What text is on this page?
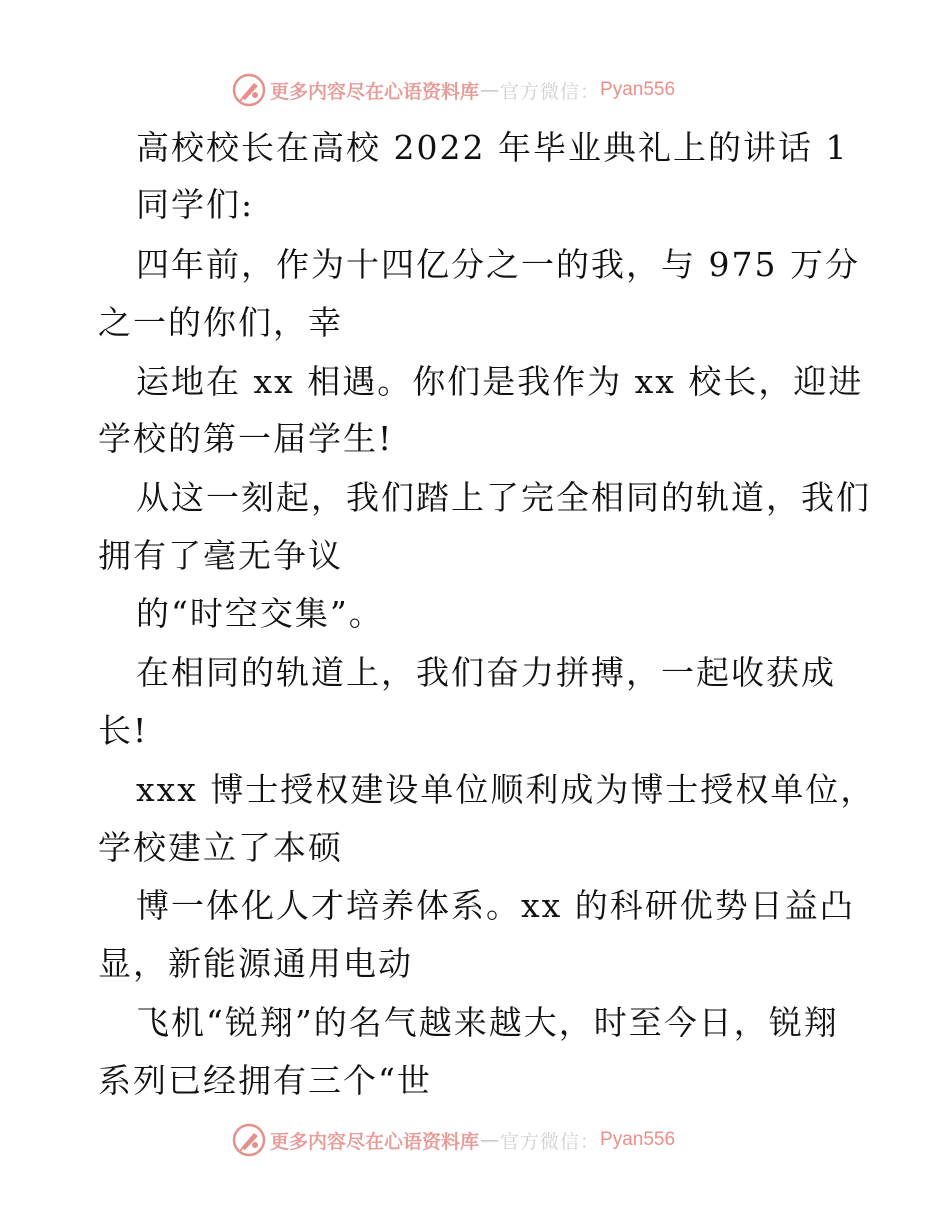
更多内容尽在心语资料库 — 官方微信： Pyan556
高校校长在高校 2022 年毕业典礼上的讲话 1
同学们:
四年前，作为十四亿分之一的我，与 975 万分
之一的你们，幸
运地在 xx 相遇。你们是我作为 xx 校长，迎进
学校的第一届学生!
从这一刻起，我们踏上了完全相同的轨道，我们
拥有了毫无争议
的“时空交集”。
在相同的轨道上，我们奋力拼搏，一起收获成
长!
xxx 博士授权建设单位顺利成为博士授权单位，
学校建立了本硕
博一体化人才培养体系。xx 的科研优势日益凸
显，新能源通用电动
飞机“锐翔”的名气越来越大，时至今日，锐翔
系列已经拥有三个“世
更多内容尽在心语资料库 — 官方微信： Pyan556
